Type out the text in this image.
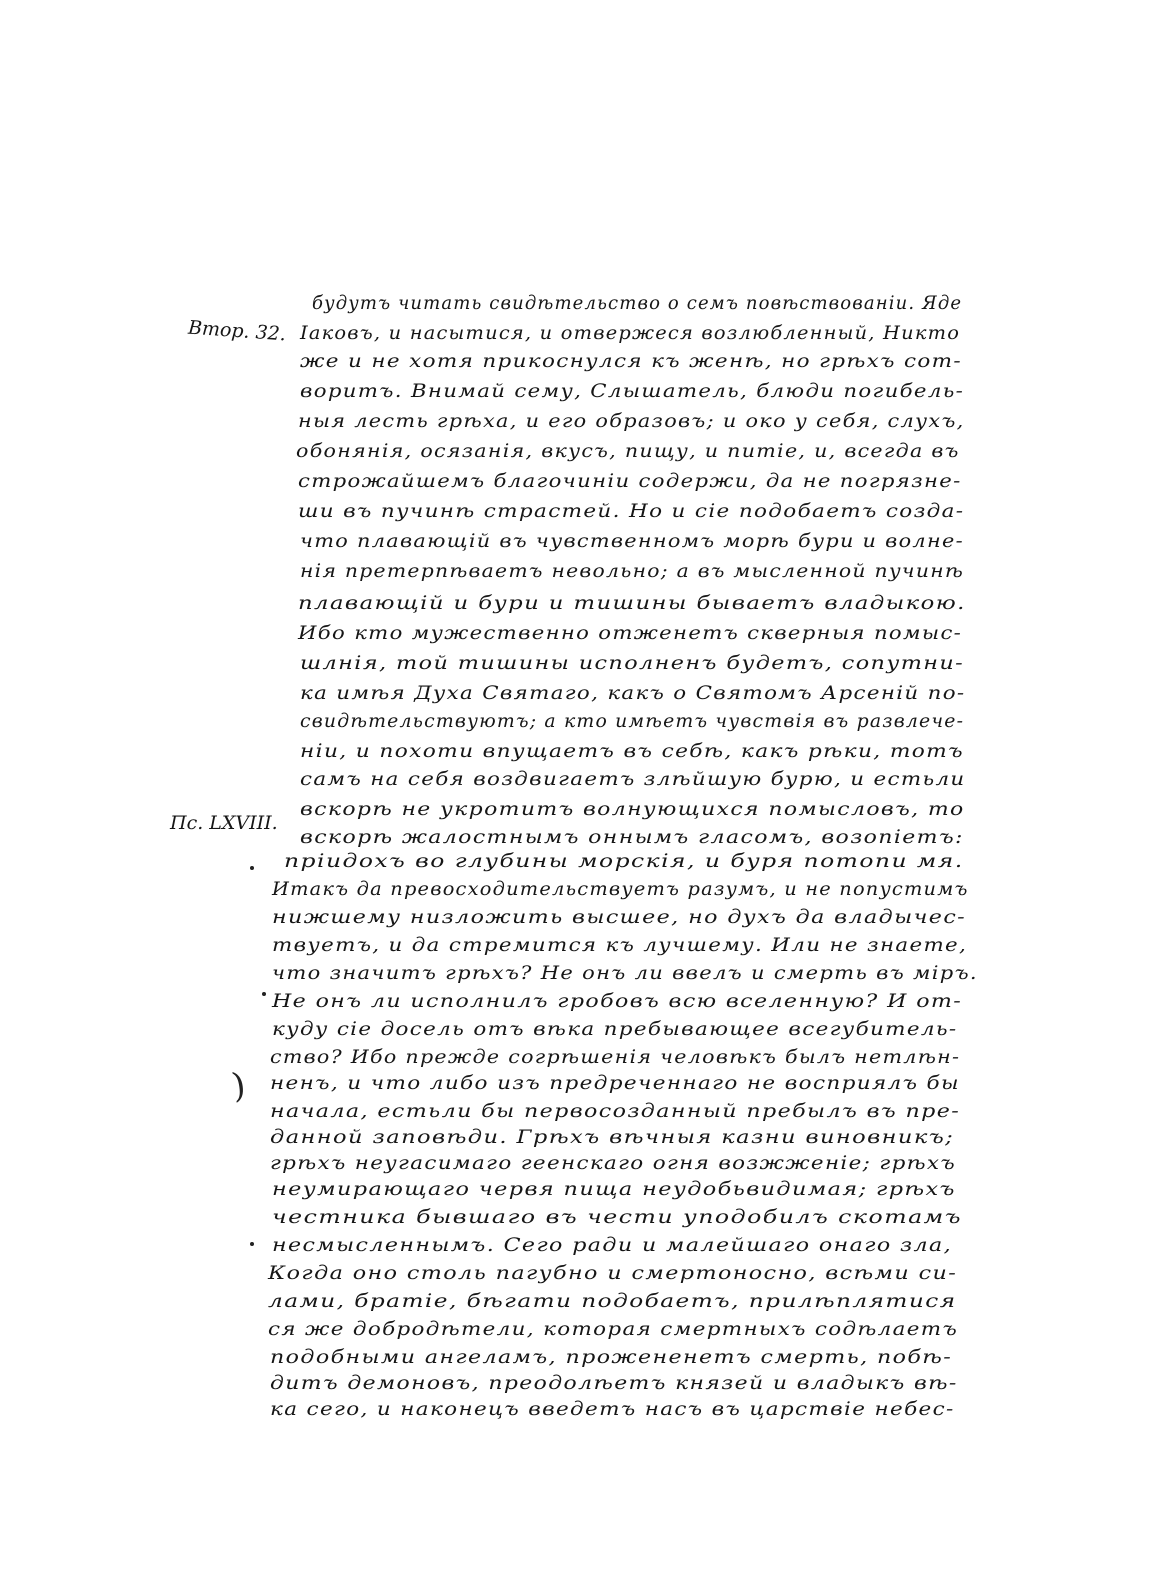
Втор. 32.
Пс. LXVIII.
)
будутъ читать свидѣтельство о семъ повѣствованіи. Яде
Іаковъ, и насытися, и отвержеся возлюбленный, Никто
же и не хотя прикоснулся къ женѣ, но грѣхъ сот-
воритъ. Внимай сему, Слышатель, блюди погибель-
ныя лесть грѣха, и его образовъ; и око у себя, слухъ,
обонянія, осязанія, вкусъ, пищу, и питіе, и, всегда въ
строжайшемъ благочиніи содержи, да не погрязне-
ши въ пучинѣ страстей. Но и сіе подобаетъ созда-
что плавающій въ чувственномъ морѣ бури и волне-
нія претерпѣваетъ невольно; а въ мысленной пучинѣ
плавающій и бури и тишины бываетъ владыкою.
Ибо кто мужественно отженетъ скверныя помыс-
шлнія, той тишины исполненъ будетъ, сопутни-
ка имѣя Духа Святаго, какъ о Святомъ Арсеній по-
свидѣтельствуютъ; а кто имѣетъ чувствія въ развлече-
ніи, и похоти впущаетъ въ себѣ, какъ рѣки, тотъ
самъ на себя воздвигаетъ злѣйшую бурю, и естьли
вскорѣ не укротитъ волнующихся помысловъ, то
вскорѣ жалостнымъ оннымъ гласомъ, возопіетъ:
пріидохъ во глубины морскія, и буря потопи мя.
Итакъ да превосходительствуетъ разумъ, и не попустимъ
нижшему низложить высшее, но духъ да владычес-
твуетъ, и да стремится къ лучшему. Или не знаете,
что значитъ грѣхъ? Не онъ ли ввелъ и смерть въ міръ.
Не онъ ли исполнилъ гробовъ всю вселенную? И от-
куду сіе досель отъ вѣка пребывающее всегубитель-
ство? Ибо прежде согрѣшенія человѣкъ былъ нетлѣн-
ненъ, и что либо изъ предреченнаго не восприялъ бы
начала, естьли бы первосозданный пребылъ въ пре-
данной заповѣди. Грѣхъ вѣчныя казни виновникъ;
грѣхъ неугасимаго геенскаго огня возжженіе; грѣхъ
неумирающаго червя пища неудобьвидимая; грѣхъ
честника бывшаго въ чести уподобилъ скотамъ
несмысленнымъ. Сего ради и малейшаго онаго зла,
Когда оно столь пагубно и смертоносно, всѣми си-
лами, братіе, бѣгати подобаетъ, прилѣплятися
ся же добродѣтели, которая смертныхъ содѣлаетъ
подобными ангеламъ, прожененетъ смерть, побѣ-
дитъ демоновъ, преодолѣетъ князей и владыкъ вѣ-
ка сего, и наконецъ введетъ насъ въ царствіе небес-
